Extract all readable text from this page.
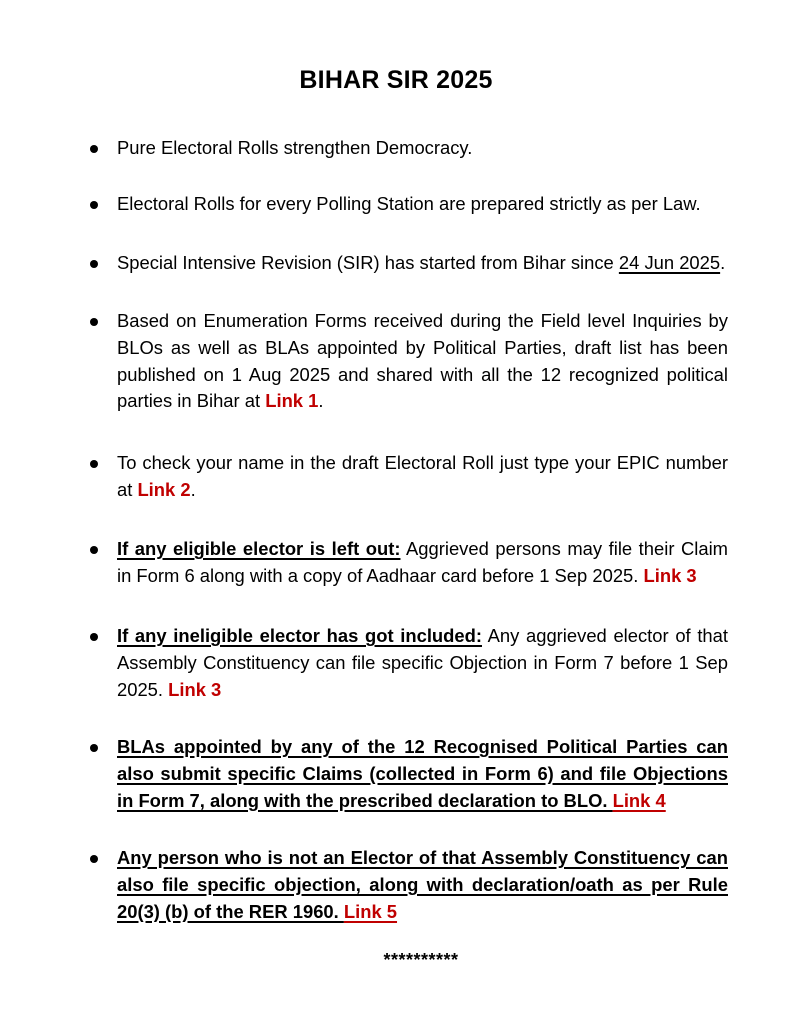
BIHAR SIR 2025
Pure Electoral Rolls strengthen Democracy.
Electoral Rolls for every Polling Station are prepared strictly as per Law.
Special Intensive Revision (SIR) has started from Bihar since 24 Jun 2025.
Based on Enumeration Forms received during the Field level Inquiries by BLOs as well as BLAs appointed by Political Parties, draft list has been published on 1 Aug 2025 and shared with all the 12 recognized political parties in Bihar at Link 1.
To check your name in the draft Electoral Roll just type your EPIC number at Link 2.
If any eligible elector is left out: Aggrieved persons may file their Claim in Form 6 along with a copy of Aadhaar card before 1 Sep 2025. Link 3
If any ineligible elector has got included: Any aggrieved elector of that Assembly Constituency can file specific Objection in Form 7 before 1 Sep 2025. Link 3
BLAs appointed by any of the 12 Recognised Political Parties can also submit specific Claims (collected in Form 6) and file Objections in Form 7, along with the prescribed declaration to BLO. Link 4
Any person who is not an Elector of that Assembly Constituency can also file specific objection, along with declaration/oath as per Rule 20(3) (b) of the RER 1960. Link 5
**********
